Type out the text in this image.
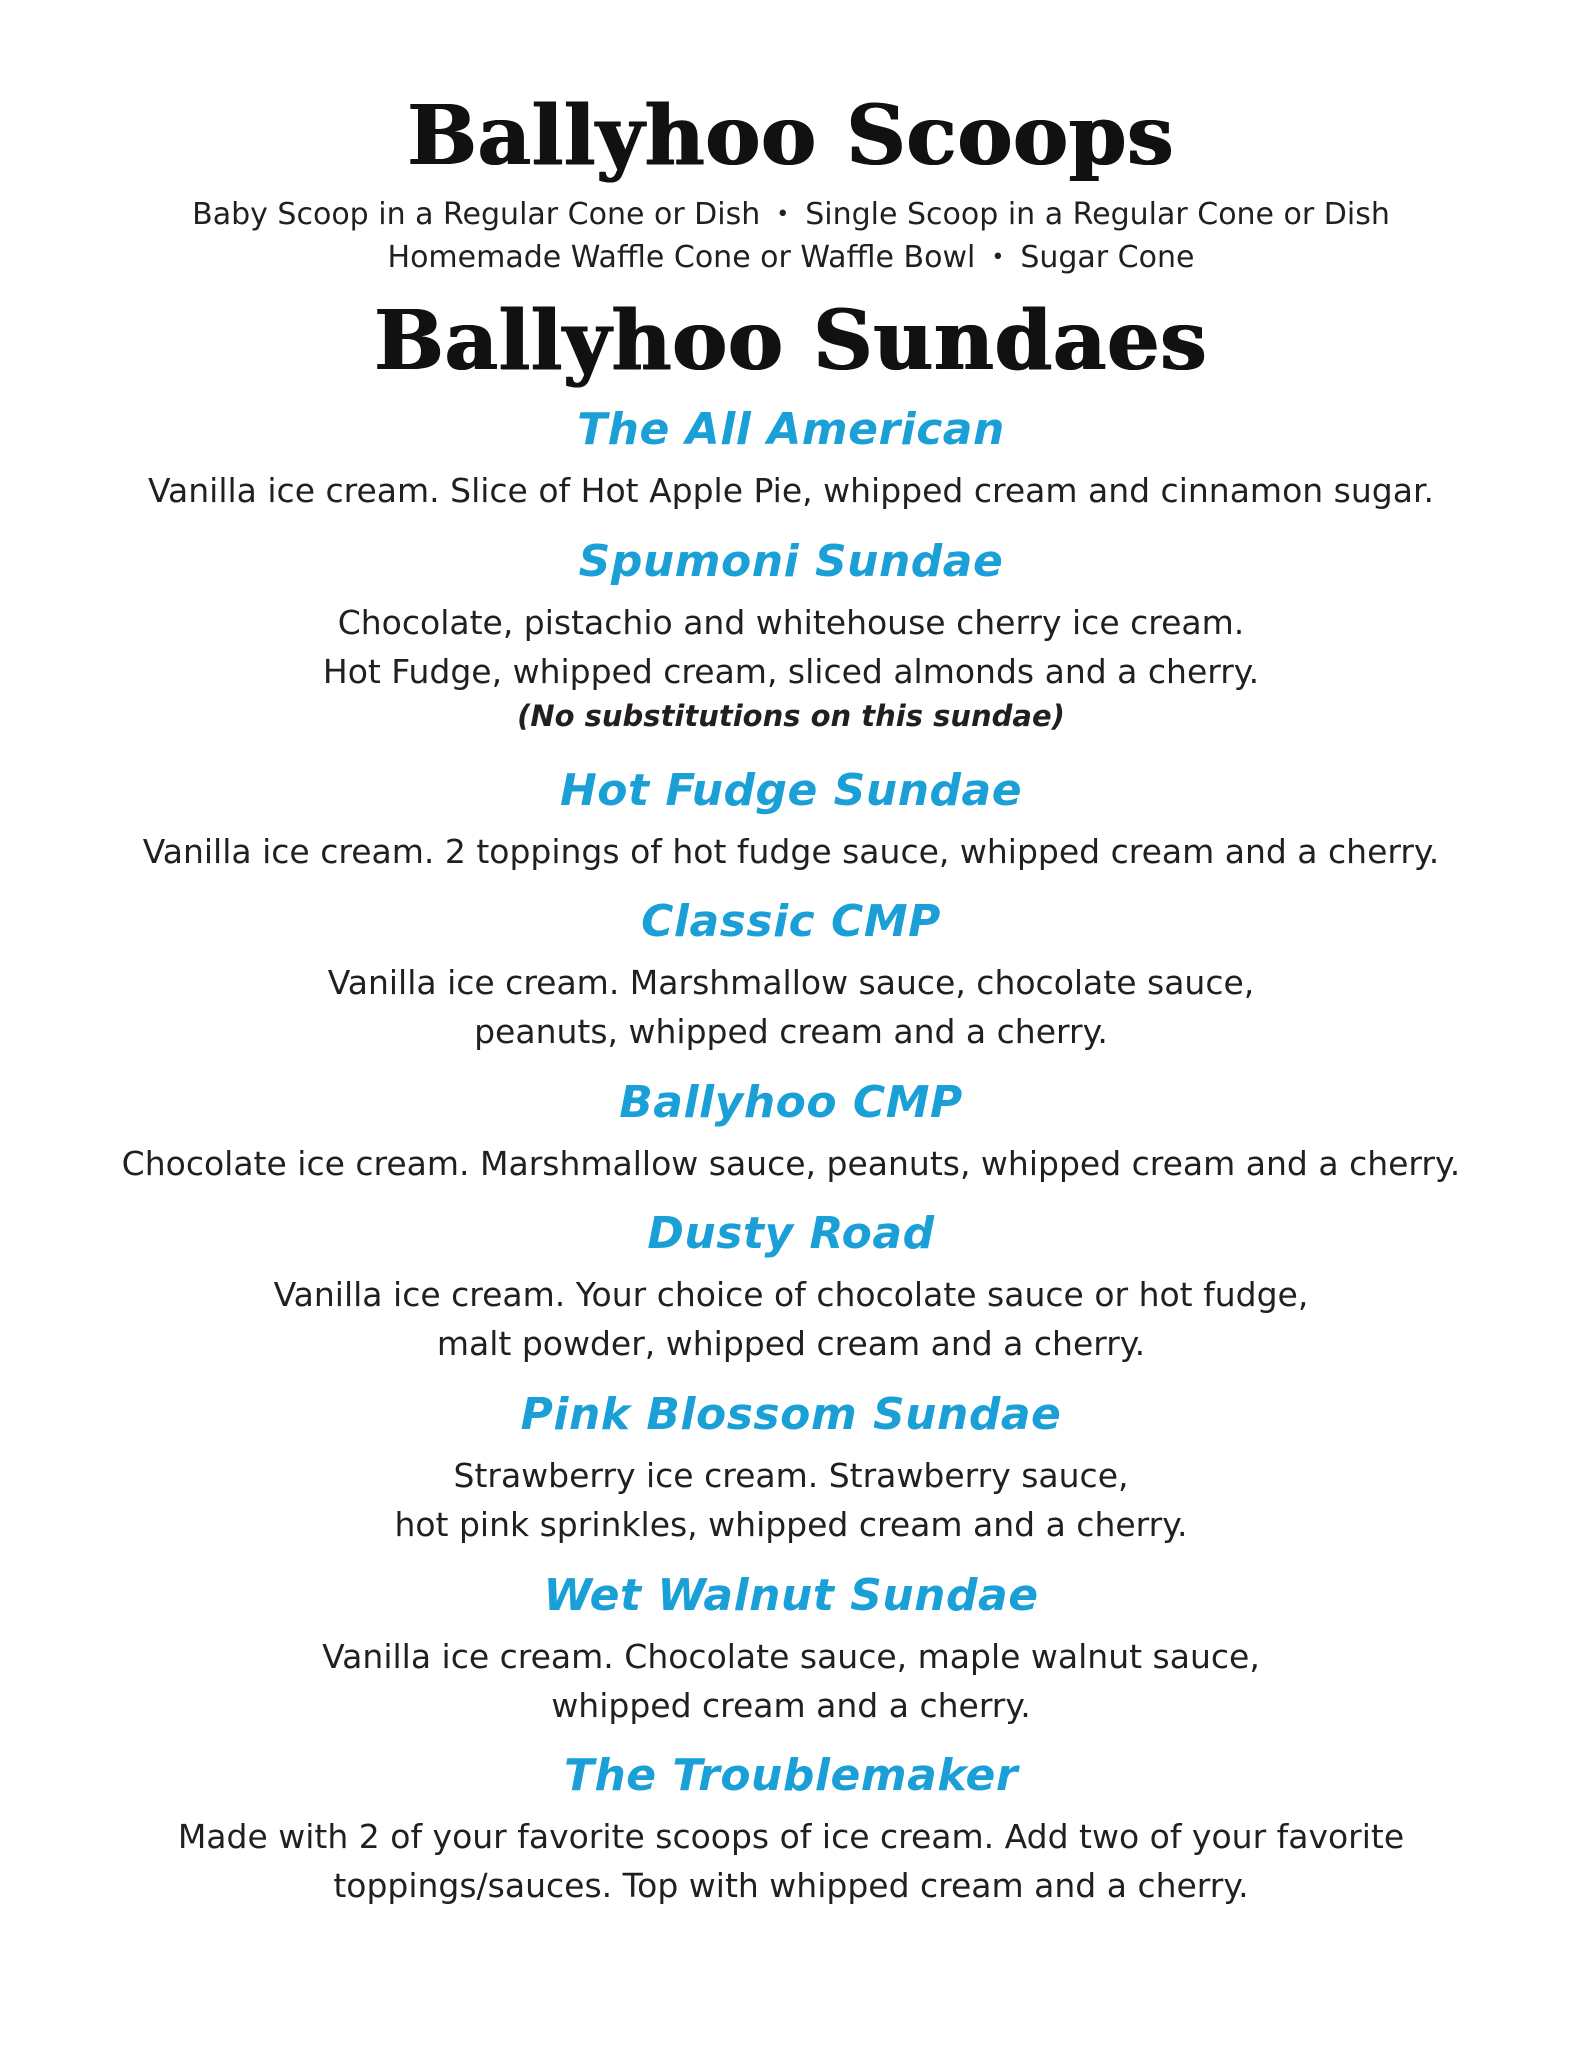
Ballyhoo Scoops
Baby Scoop in a Regular Cone or Dish • Single Scoop in a Regular Cone or Dish
Homemade Waffle Cone or Waffle Bowl • Sugar Cone
Ballyhoo Sundaes
The All American
Vanilla ice cream. Slice of Hot Apple Pie, whipped cream and cinnamon sugar.
Spumoni Sundae
Chocolate, pistachio and whitehouse cherry ice cream.
Hot Fudge, whipped cream, sliced almonds and a cherry.
(No substitutions on this sundae)
Hot Fudge Sundae
Vanilla ice cream. 2 toppings of hot fudge sauce, whipped cream and a cherry.
Classic CMP
Vanilla ice cream. Marshmallow sauce, chocolate sauce,
peanuts, whipped cream and a cherry.
Ballyhoo CMP
Chocolate ice cream. Marshmallow sauce, peanuts, whipped cream and a cherry.
Dusty Road
Vanilla ice cream. Your choice of chocolate sauce or hot fudge,
malt powder, whipped cream and a cherry.
Pink Blossom Sundae
Strawberry ice cream. Strawberry sauce,
hot pink sprinkles, whipped cream and a cherry.
Wet Walnut Sundae
Vanilla ice cream. Chocolate sauce, maple walnut sauce,
whipped cream and a cherry.
The Troublemaker
Made with 2 of your favorite scoops of ice cream. Add two of your favorite
toppings/sauces. Top with whipped cream and a cherry.
